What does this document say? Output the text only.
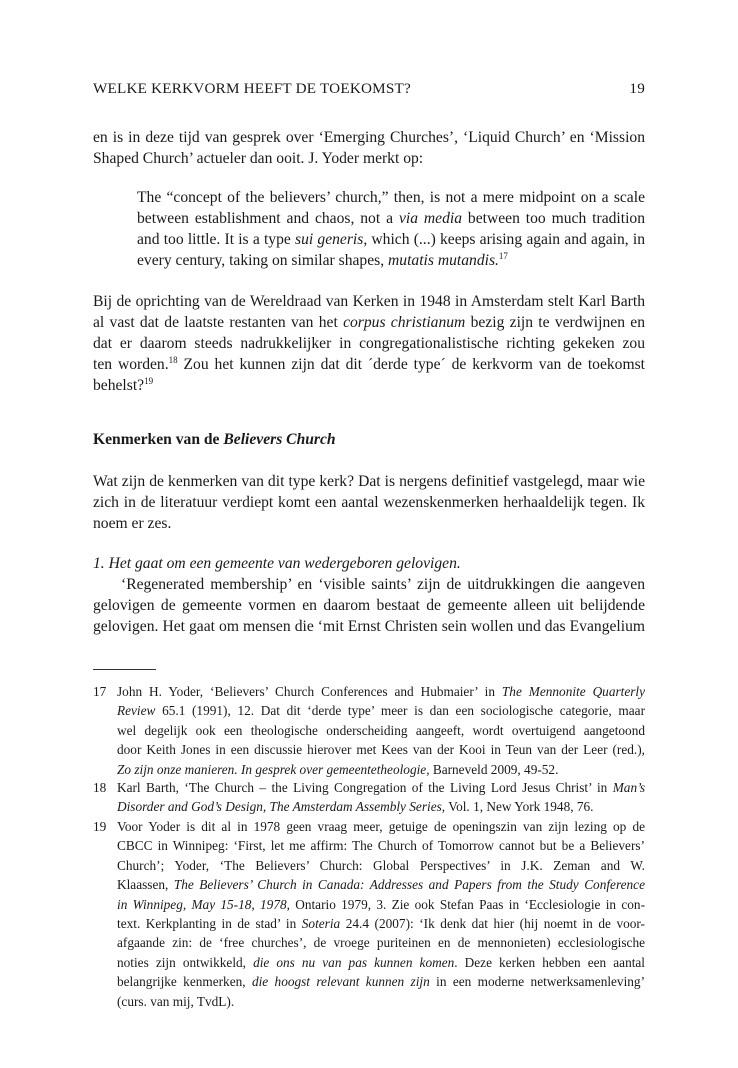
WELKE KERKVORM HEEFT DE TOEKOMST?	19
en is in deze tijd van gesprek over ‘Emerging Churches’, ‘Liquid Church’ en ‘Mission
Shaped Church’ actueler dan ooit. J. Yoder merkt op:
The “concept of the believers’ church,” then, is not a mere midpoint on a scale
between establishment and chaos, not a via media between too much tradition
and too little. It is a type sui generis, which (...) keeps arising again and again, in
every century, taking on similar shapes, mutatis mutandis.$^{17}$
Bij de oprichting van de Wereldraad van Kerken in 1948 in Amsterdam stelt Karl Barth
al vast dat de laatste restanten van het corpus christianum bezig zijn te verdwijnen en
dat er daarom steeds nadrukkelijker in congregationalistische richting gekeken zou
ten worden.$^{18}$ Zou het kunnen zijn dat dit ´derde type´ de kerkvorm van de toekomst
behelst?$^{19}$
Kenmerken van de Believers Church
Wat zijn de kenmerken van dit type kerk? Dat is nergens definitief vastgelegd, maar wie
zich in de literatuur verdiept komt een aantal wezenskenmerken herhaaldelijk tegen. Ik
noem er zes.
1. Het gaat om een gemeente van wedergeboren gelovigen.
‘Regenerated membership’ en ‘visible saints’ zijn de uitdrukkingen die aangeven
gelovigen de gemeente vormen en daarom bestaat de gemeente alleen uit belijdende
gelovigen. Het gaat om mensen die ‘mit Ernst Christen sein wollen und das Evangelium
17 John H. Yoder, ‘Believers’ Church Conferences and Hubmaier’ in The Mennonite Quarterly
Review 65.1 (1991), 12. Dat dit ‘derde type’ meer is dan een sociologische categorie, maar
wel degelijk ook een theologische onderscheiding aangeeft, wordt overtuigend aangetoond
door Keith Jones in een discussie hierover met Kees van der Kooi in Teun van der Leer (red.),
Zo zijn onze manieren. In gesprek over gemeentetheologie, Barneveld 2009, 49-52.
18 Karl Barth, ‘The Church – the Living Congregation of the Living Lord Jesus Christ’ in Man’s
Disorder and God’s Design, The Amsterdam Assembly Series, Vol. 1, New York 1948, 76.
19 Voor Yoder is dit al in 1978 geen vraag meer, getuige de openingszin van zijn lezing op de
CBCC in Winnipeg: ‘First, let me affirm: The Church of Tomorrow cannot but be a Believers’
Church’; Yoder, ‘The Believers’ Church: Global Perspectives’ in J.K. Zeman and W.
Klaassen, The Believers’ Church in Canada: Addresses and Papers from the Study Conference
in Winnipeg, May 15-18, 1978, Ontario 1979, 3. Zie ook Stefan Paas in ‘Ecclesiologie in con-
text. Kerkplanting in de stad’ in Soteria 24.4 (2007): ‘Ik denk dat hier (hij noemt in de voor-
afgaande zin: de ‘free churches’, de vroege puriteinen en de mennonieten) ecclesiologische
noties zijn ontwikkeld, die ons nu van pas kunnen komen. Deze kerken hebben een aantal
belangrijke kenmerken, die hoogst relevant kunnen zijn in een moderne netwerksamenleving’
(curs. van mij, TvdL).
